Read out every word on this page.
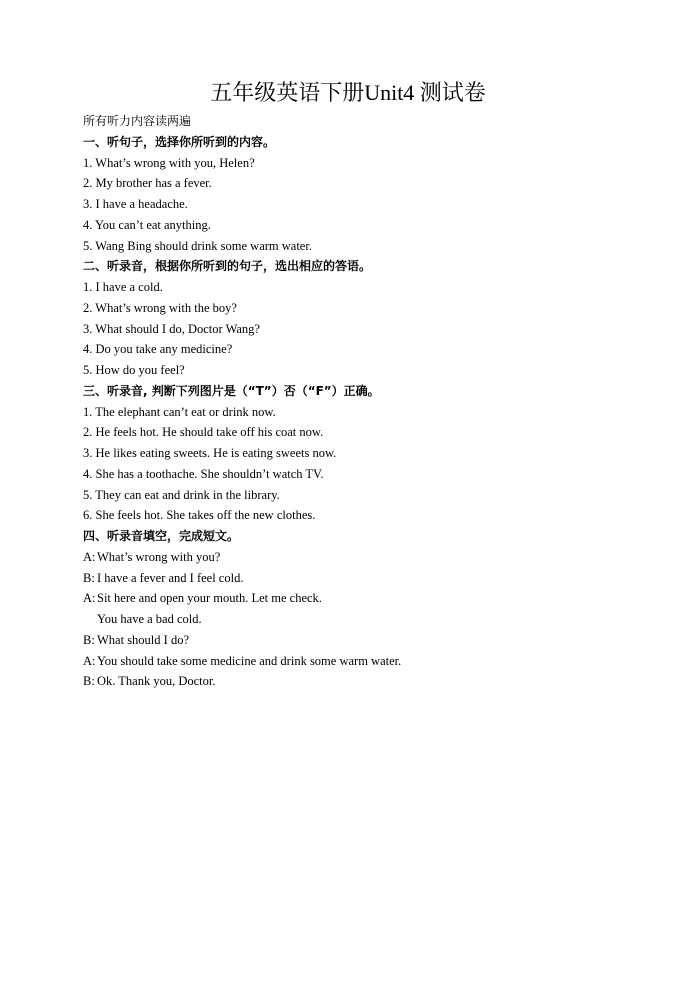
五年级英语下册Unit4 测试卷
所有听力内容读两遍
一、听句子，选择你所听到的内容。
1. What’s wrong with you, Helen?
2. My brother has a fever.
3. I have a headache.
4. You can’t eat anything.
5. Wang Bing should drink some warm water.
二、听录音，根据你所听到的句子，选出相应的答语。
1. I have a cold.
2. What’s wrong with the boy?
3. What should I do, Doctor Wang?
4. Do you take any medicine?
5. How do you feel?
三、听录音, 判断下列图片是（“T”）否（“F”）正确。
1. The elephant can’t eat or drink now.
2. He feels hot. He should take off his coat now.
3. He likes eating sweets. He is eating sweets now.
4. She has a toothache. She shouldn’t watch TV.
5. They can eat and drink in the library.
6. She feels hot. She takes off the new clothes.
四、听录音填空，完成短文。
A: What’s wrong with you?
B: I have a fever and I feel cold.
A: Sit here and open your mouth. Let me check.
You have a bad cold.
B: What should I do?
A: You should take some medicine and drink some warm water.
B: Ok. Thank you, Doctor.
